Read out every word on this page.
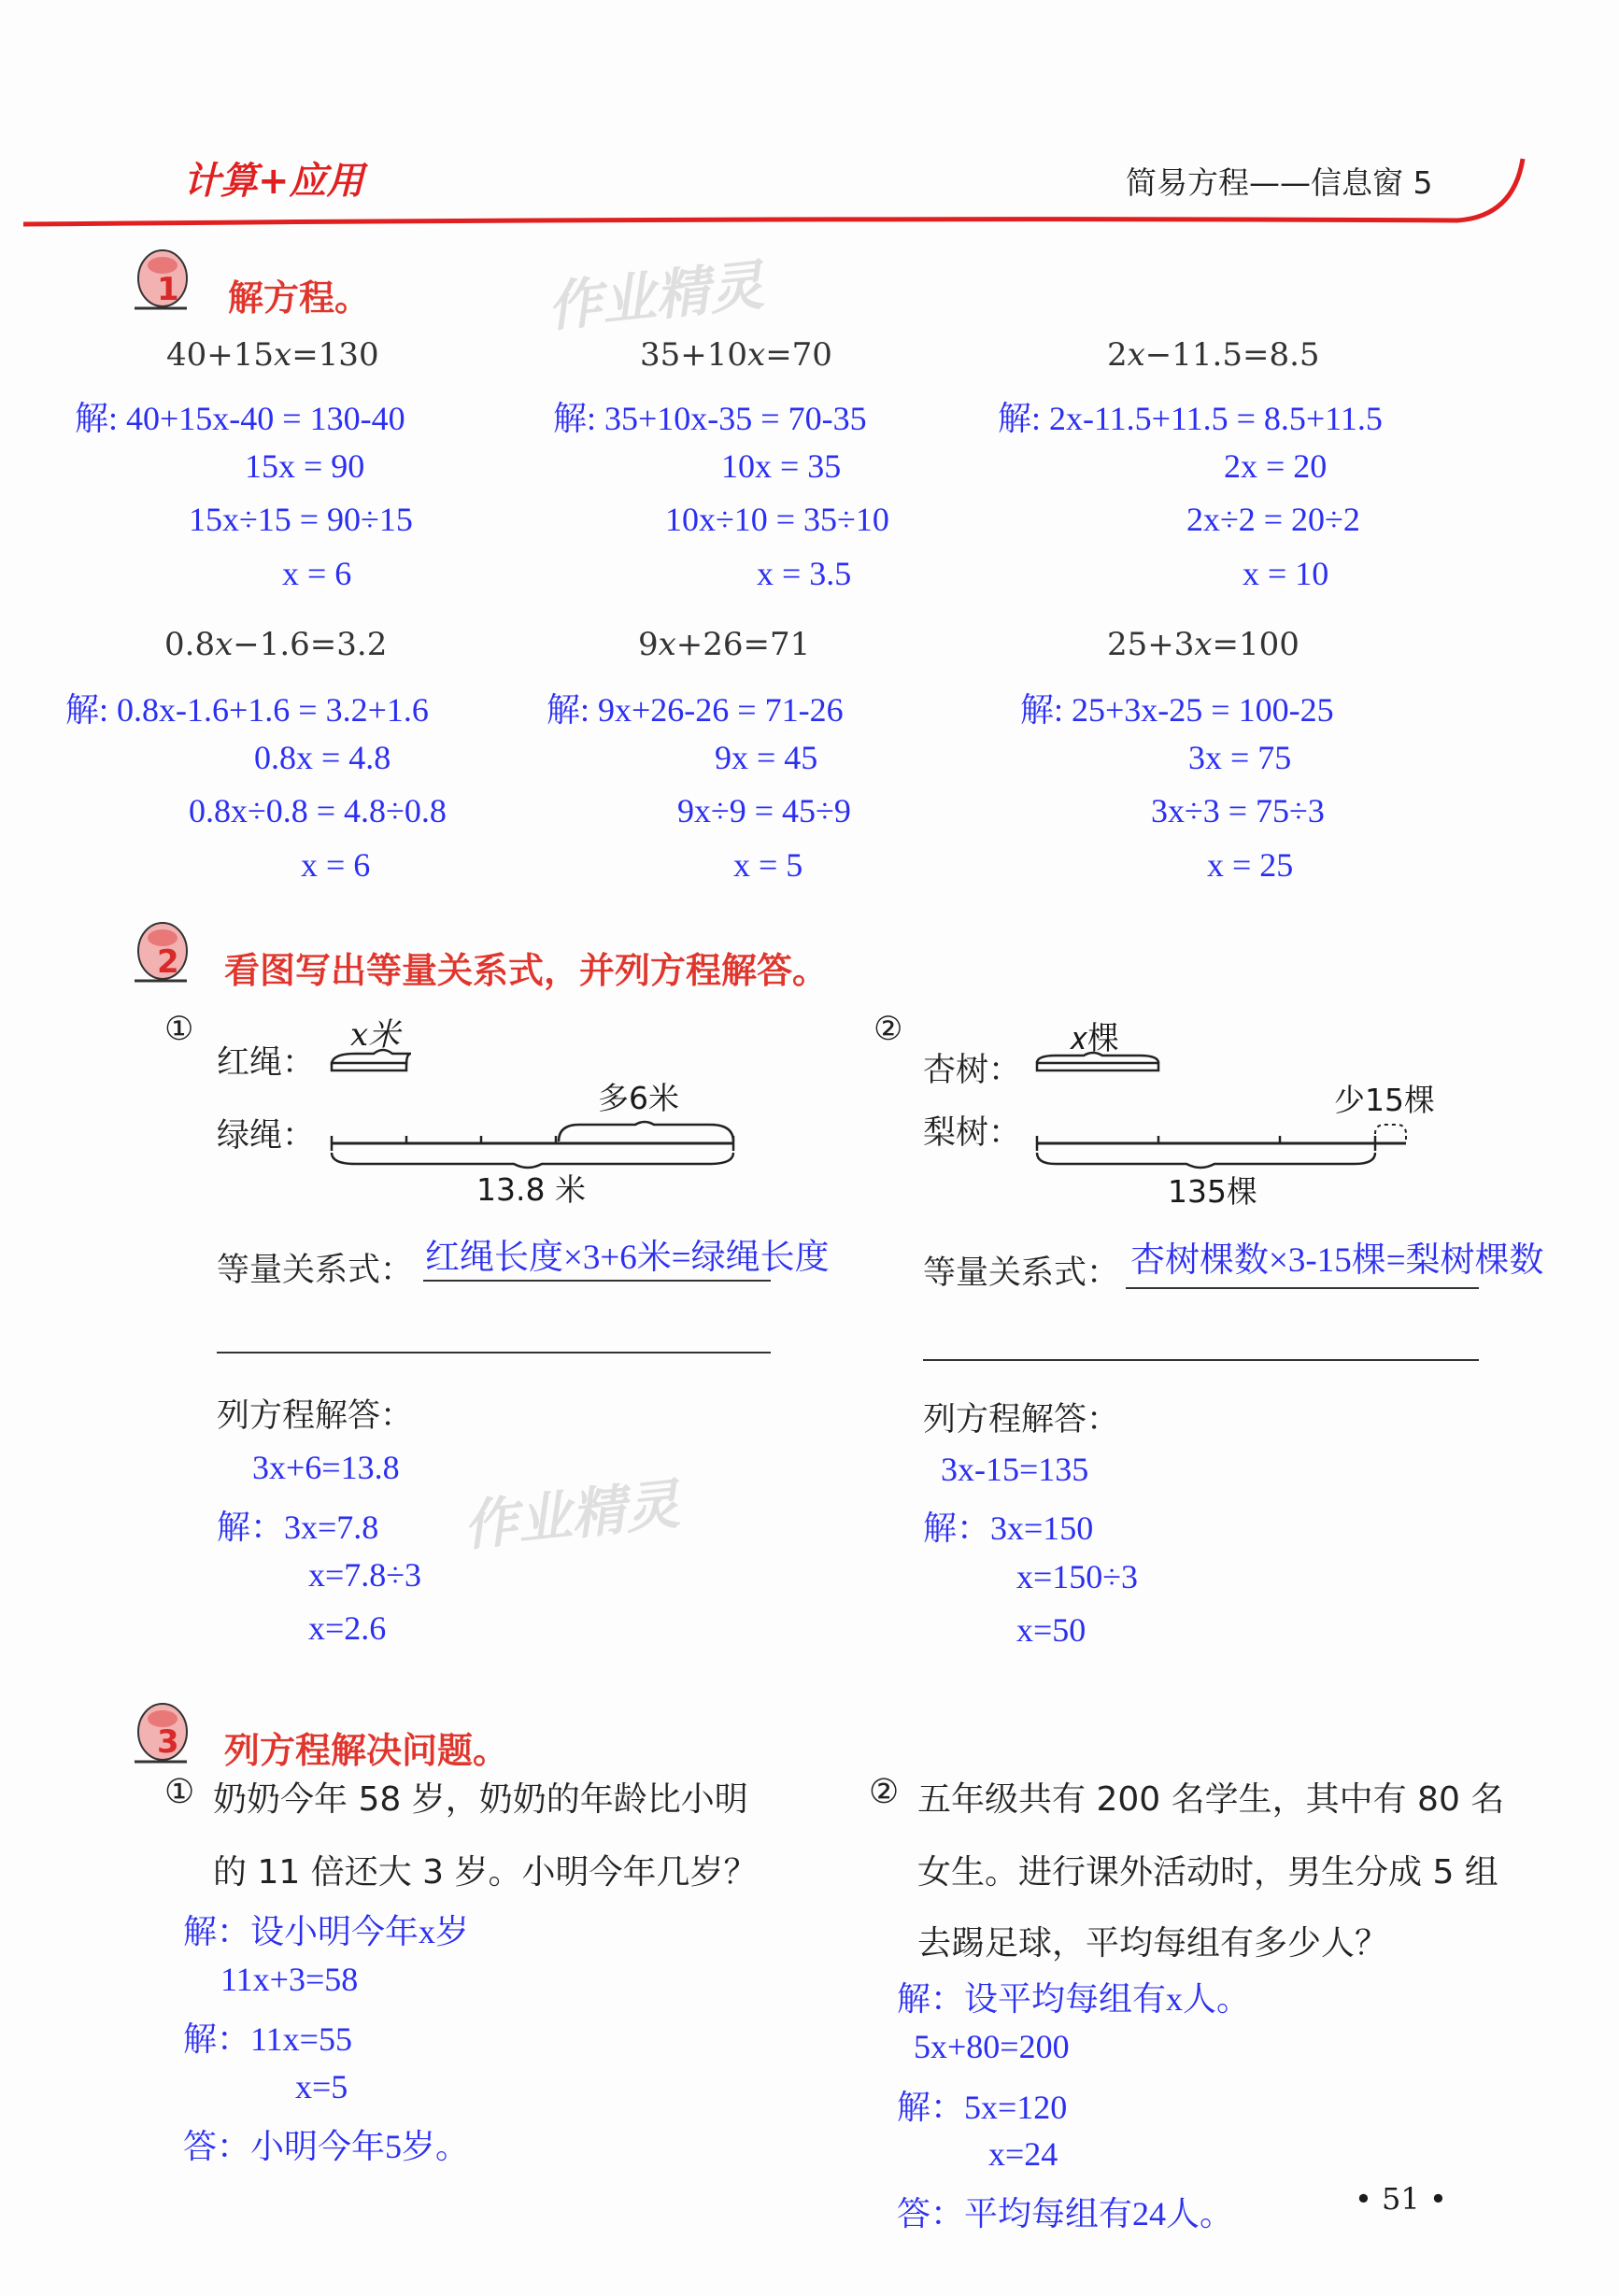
计算+应用	简易方程——信息窗 5
作业精灵
作业精灵
1 解方程。
40+15𝑥=130
解: 40+15x-40 = 130-40
15x = 90
15x÷15 = 90÷15
x = 6
35+10𝑥=70
解: 35+10x-35 = 70-35
10x = 35
10x÷10 = 35÷10
x = 3.5
2𝑥−11.5=8.5
解: 2x-11.5+11.5 = 8.5+11.5
2x = 20
2x÷2 = 20÷2
x = 10
0.8𝑥−1.6=3.2
解: 0.8x-1.6+1.6 = 3.2+1.6
0.8x = 4.8
0.8x÷0.8 = 4.8÷0.8
x = 6
9𝑥+26=71
解: 9x+26-26 = 71-26
9x = 45
9x÷9 = 45÷9
x = 5
25+3𝑥=100
解: 25+3x-25 = 100-25
3x = 75
3x÷3 = 75÷3
x = 25
2 看图写出等量关系式，并列方程解答。
①
红绳：
绿绳：
𝑥米
多6米
13.8 米
等量关系式： 红绳长度×3+6米=绿绳长度
列方程解答：
3x+6=13.8
解：3x=7.8
x=7.8÷3
x=2.6
②
杏树：
梨树：
𝑥棵
少15棵
135棵
等量关系式： 杏树棵数×3-15棵=梨树棵数
列方程解答：
3x-15=135
解：3x=150
x=150÷3
x=50
3 列方程解决问题。
① 奶奶今年 58 岁，奶奶的年龄比小明
的 11 倍还大 3 岁。小明今年几岁？
解：设小明今年x岁
11x+3=58
解：11x=55
x=5
答：小明今年5岁。
② 五年级共有 200 名学生，其中有 80 名
女生。进行课外活动时，男生分成 5 组
去踢足球，平均每组有多少人？
解：设平均每组有x人。
5x+80=200
解：5x=120
x=24
答：平均每组有24人。	• 51 •
